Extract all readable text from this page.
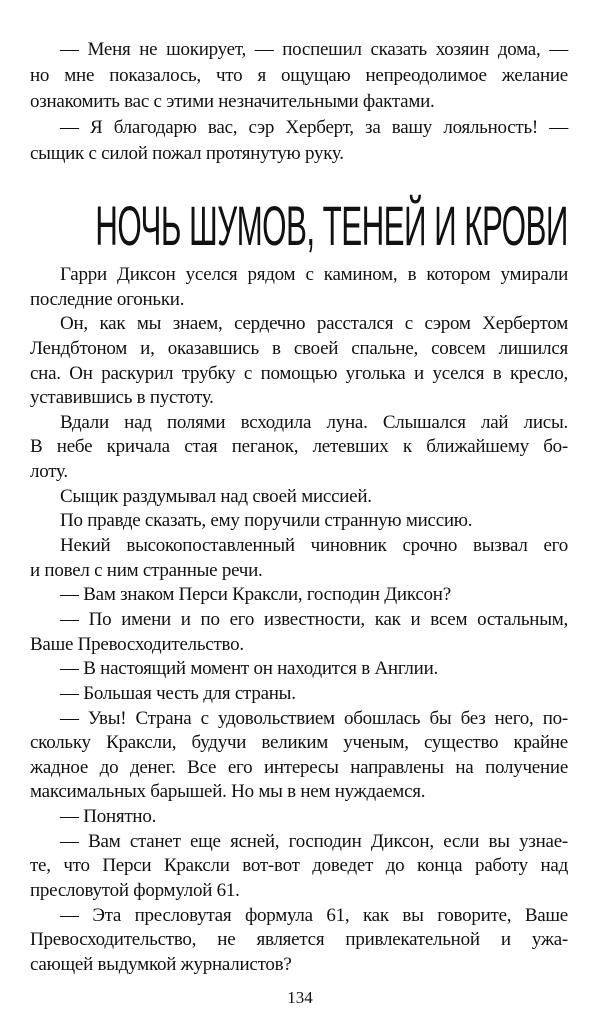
— Меня не шокирует, — поспешил сказать хозяин дома, —
но мне показалось, что я ощущаю непреодолимое желание
ознакомить вас с этими незначительными фактами.
— Я благодарю вас, сэр Херберт, за вашу лояльность! —
сыщик с силой пожал протянутую руку.
НОЧЬ ШУМОВ, ТЕНЕЙ И КРОВИ
Гарри Диксон уселся рядом с камином, в котором умирали
последние огоньки.
Он, как мы знаем, сердечно расстался с сэром Хербертом
Лендбтоном и, оказавшись в своей спальне, совсем лишился
сна. Он раскурил трубку с помощью уголька и уселся в кресло,
уставившись в пустоту.
Вдали над полями всходила луна. Слышался лай лисы.
В небе кричала стая пеганок, летевших к ближайшему бо-
лоту.
Сыщик раздумывал над своей миссией.
По правде сказать, ему поручили странную миссию.
Некий высокопоставленный чиновник срочно вызвал его
и повел с ним странные речи.
— Вам знаком Перси Краксли, господин Диксон?
— По имени и по его известности, как и всем остальным,
Ваше Превосходительство.
— В настоящий момент он находится в Англии.
— Большая честь для страны.
— Увы! Страна с удовольствием обошлась бы без него, по-
скольку Краксли, будучи великим ученым, существо крайне
жадное до денег. Все его интересы направлены на получение
максимальных барышей. Но мы в нем нуждаемся.
— Понятно.
— Вам станет еще ясней, господин Диксон, если вы узнае-
те, что Перси Краксли вот-вот доведет до конца работу над
пресловутой формулой 61.
— Эта пресловутая формула 61, как вы говорите, Ваше
Превосходительство, не является привлекательной и ужа-
сающей выдумкой журналистов?
134
